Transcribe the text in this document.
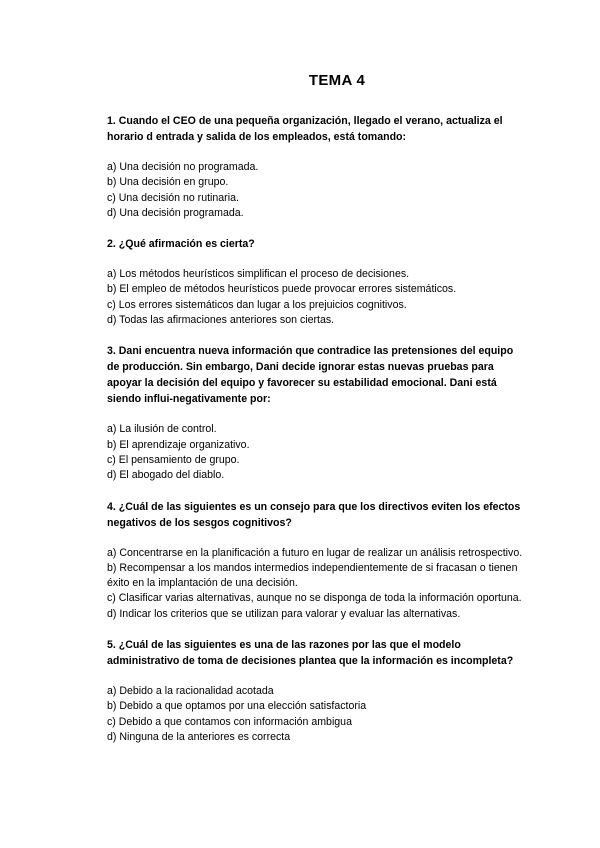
TEMA 4
1. Cuando el CEO de una pequeña organización, llegado el verano, actualiza el horario d entrada y salida de los empleados, está tomando:
a) Una decisión no programada.
b) Una decisión en grupo.
c) Una decisión no rutinaria.
d) Una decisión programada.
2. ¿Qué afirmación es cierta?
a) Los métodos heurísticos simplifican el proceso de decisiones.
b) El empleo de métodos heurísticos puede provocar errores sistemáticos.
c) Los errores sistemáticos dan lugar a los prejuicios cognitivos.
d) Todas las afirmaciones anteriores son ciertas.
3. Dani encuentra nueva información que contradice las pretensiones del equipo de producción. Sin embargo, Dani decide ignorar estas nuevas pruebas para apoyar la decisión del equipo y favorecer su estabilidad emocional. Dani está siendo influi-negativamente por:
a) La ilusión de control.
b) El aprendizaje organizativo.
c) El pensamiento de grupo.
d) El abogado del diablo.
4. ¿Cuál de las siguientes es un consejo para que los directivos eviten los efectos negativos de los sesgos cognitivos?
a) Concentrarse en la planificación a futuro en lugar de realizar un análisis retrospectivo.
b) Recompensar a los mandos intermedios independientemente de si fracasan o tienen éxito en la implantación de una decisión.
c) Clasificar varias alternativas, aunque no se disponga de toda la información oportuna.
d) Indicar los criterios que se utilizan para valorar y evaluar las alternativas.
5. ¿Cuál de las siguientes es una de las razones por las que el modelo administrativo de toma de decisiones plantea que la información es incompleta?
a) Debido a la racionalidad acotada
b) Debido a que optamos por una elección satisfactoria
c) Debido a que contamos con información ambigua
d) Ninguna de la anteriores es correcta
